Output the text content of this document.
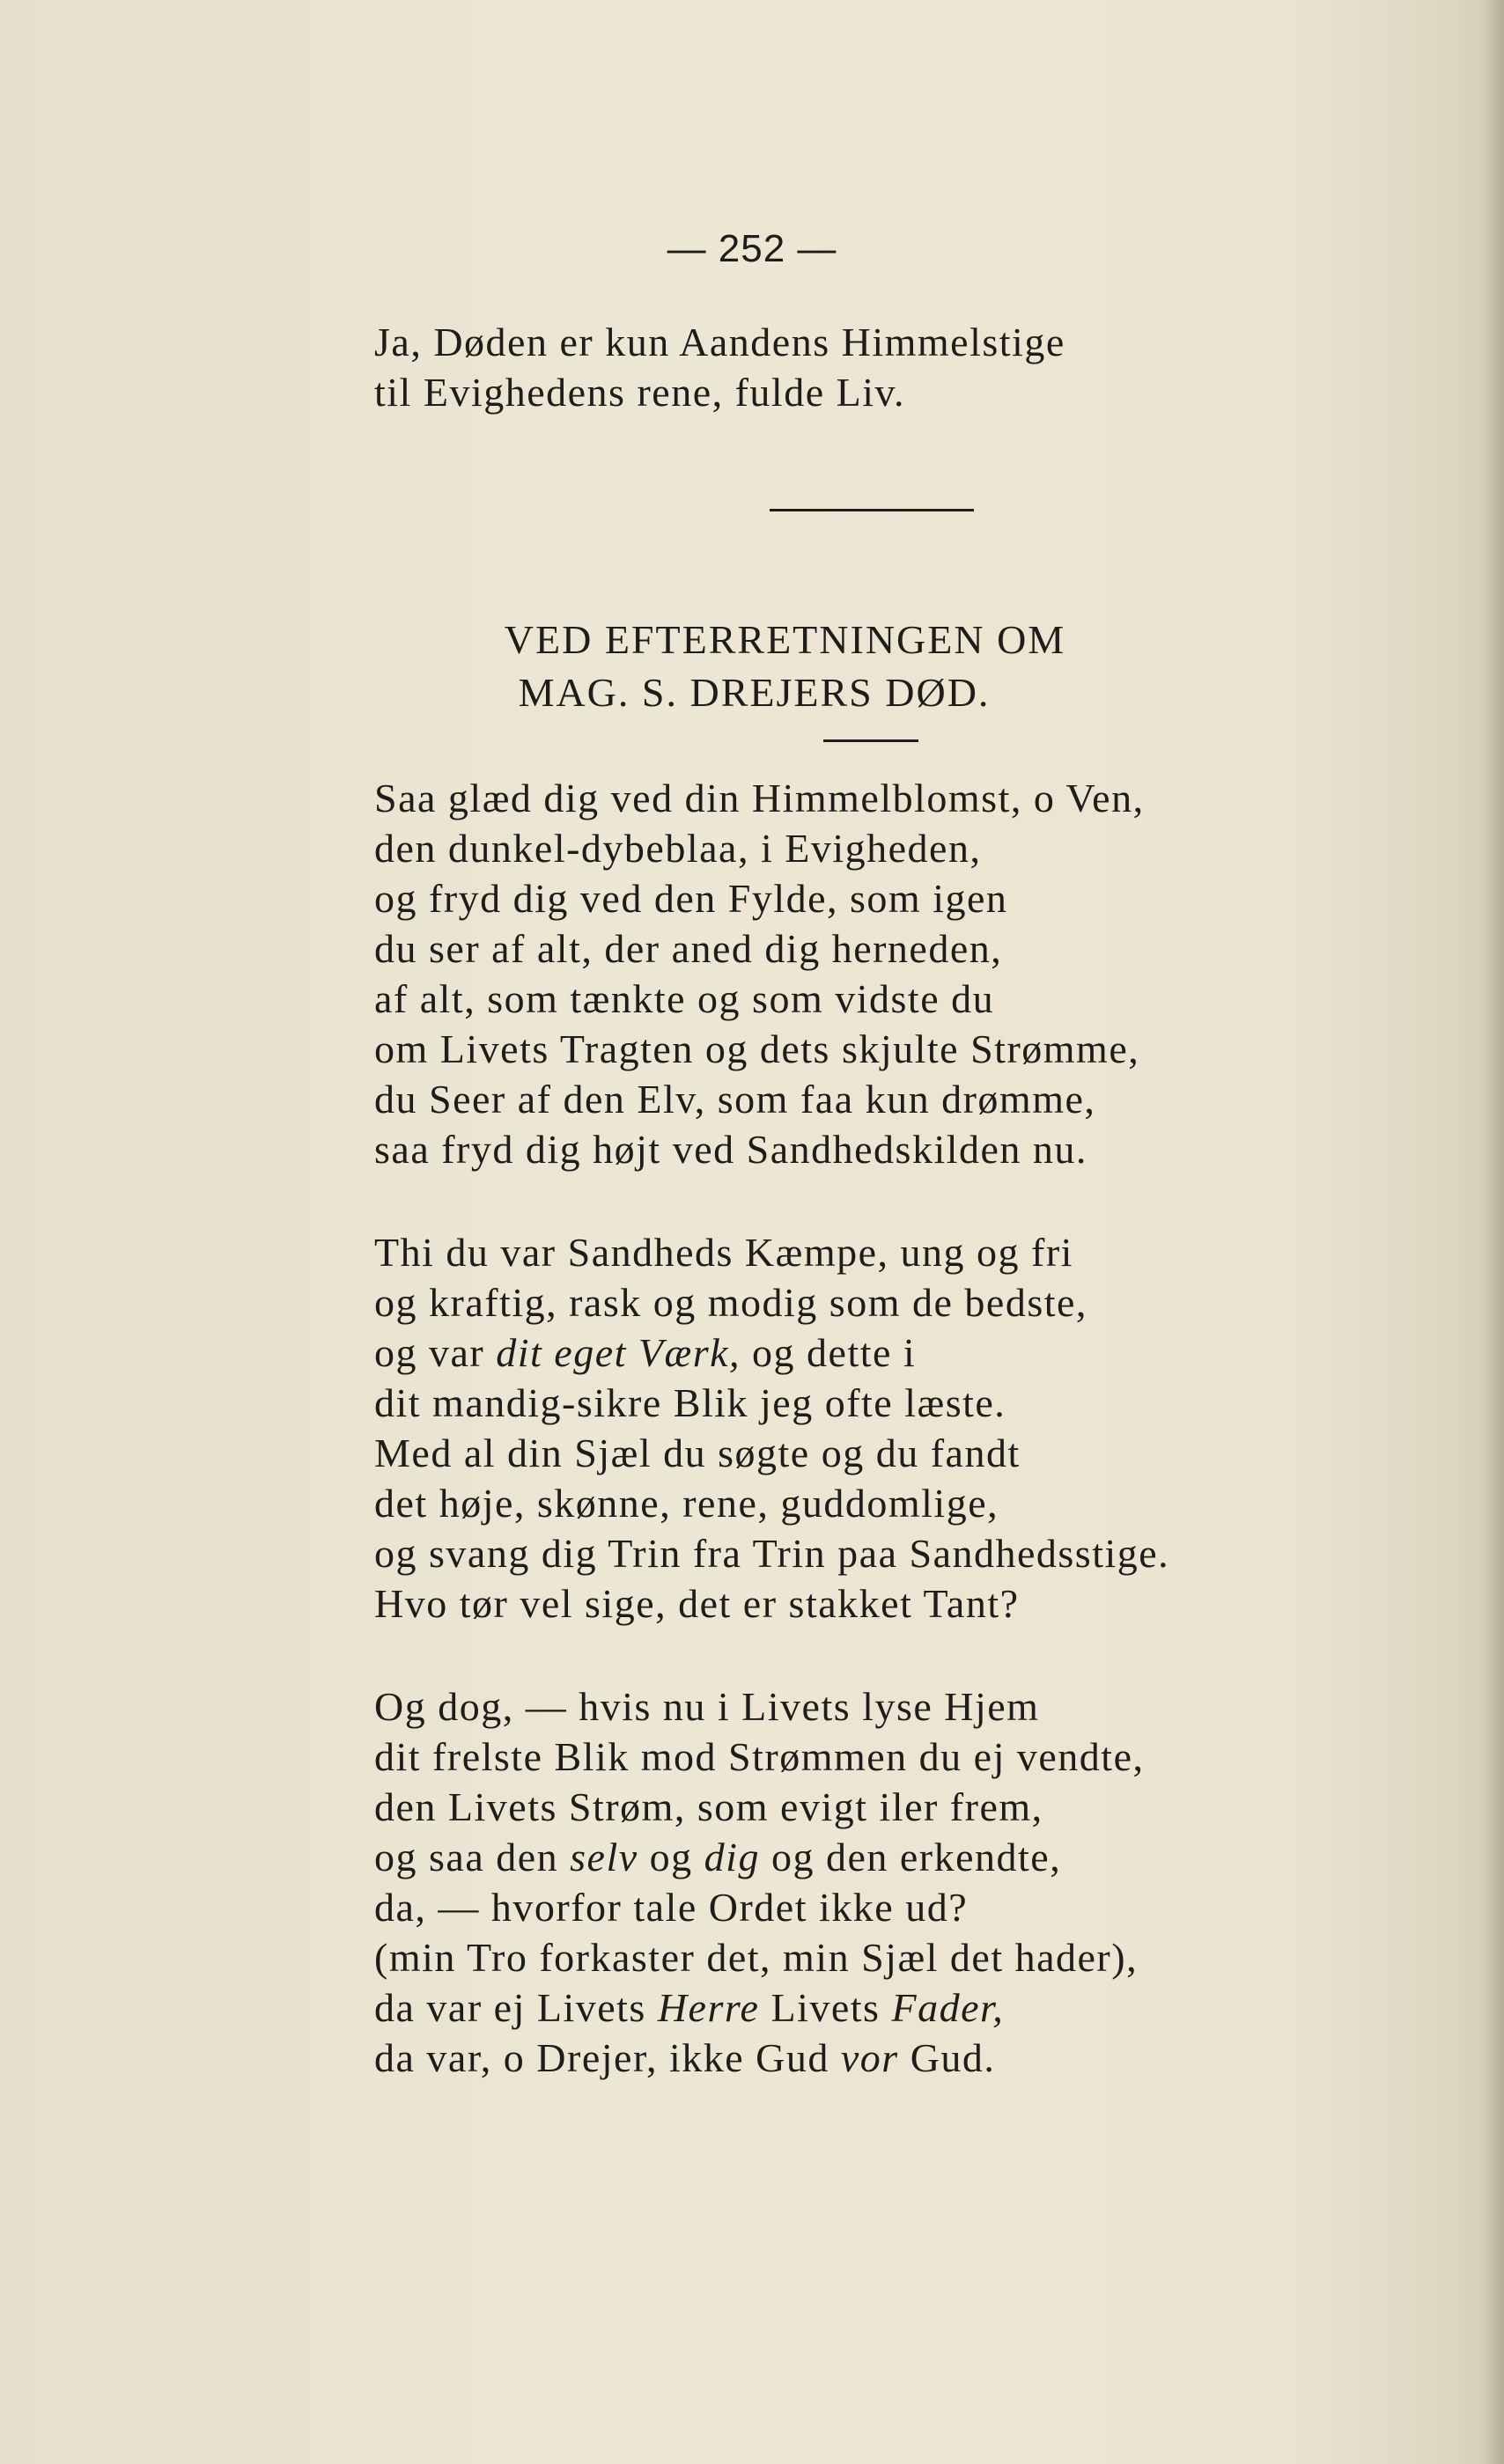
— 252 —
Ja, Døden er kun Aandens Himmelstige
til Evighedens rene, fulde Liv.
VED EFTERRETNINGEN OM
MAG. S. DREJERS DØD.
Saa glæd dig ved din Himmelblomst, o Ven,
den dunkel-dybeblaa, i Evigheden,
og fryd dig ved den Fylde, som igen
du ser af alt, der aned dig herneden,
af alt, som tænkte og som vidste du
om Livets Tragten og dets skjulte Strømme,
du Seer af den Elv, som faa kun drømme,
saa fryd dig højt ved Sandhedskilden nu.
Thi du var Sandheds Kæmpe, ung og fri
og kraftig, rask og modig som de bedste,
og var dit eget Værk, og dette i
dit mandig-sikre Blik jeg ofte læste.
Med al din Sjæl du søgte og du fandt
det høje, skønne, rene, guddomlige,
og svang dig Trin fra Trin paa Sandhedsstige.
Hvo tør vel sige, det er stakket Tant?
Og dog, — hvis nu i Livets lyse Hjem
dit frelste Blik mod Strømmen du ej vendte,
den Livets Strøm, som evigt iler frem,
og saa den selv og dig og den erkendte,
da, — hvorfor tale Ordet ikke ud?
(min Tro forkaster det, min Sjæl det hader),
da var ej Livets Herre Livets Fader,
da var, o Drejer, ikke Gud vor Gud.
